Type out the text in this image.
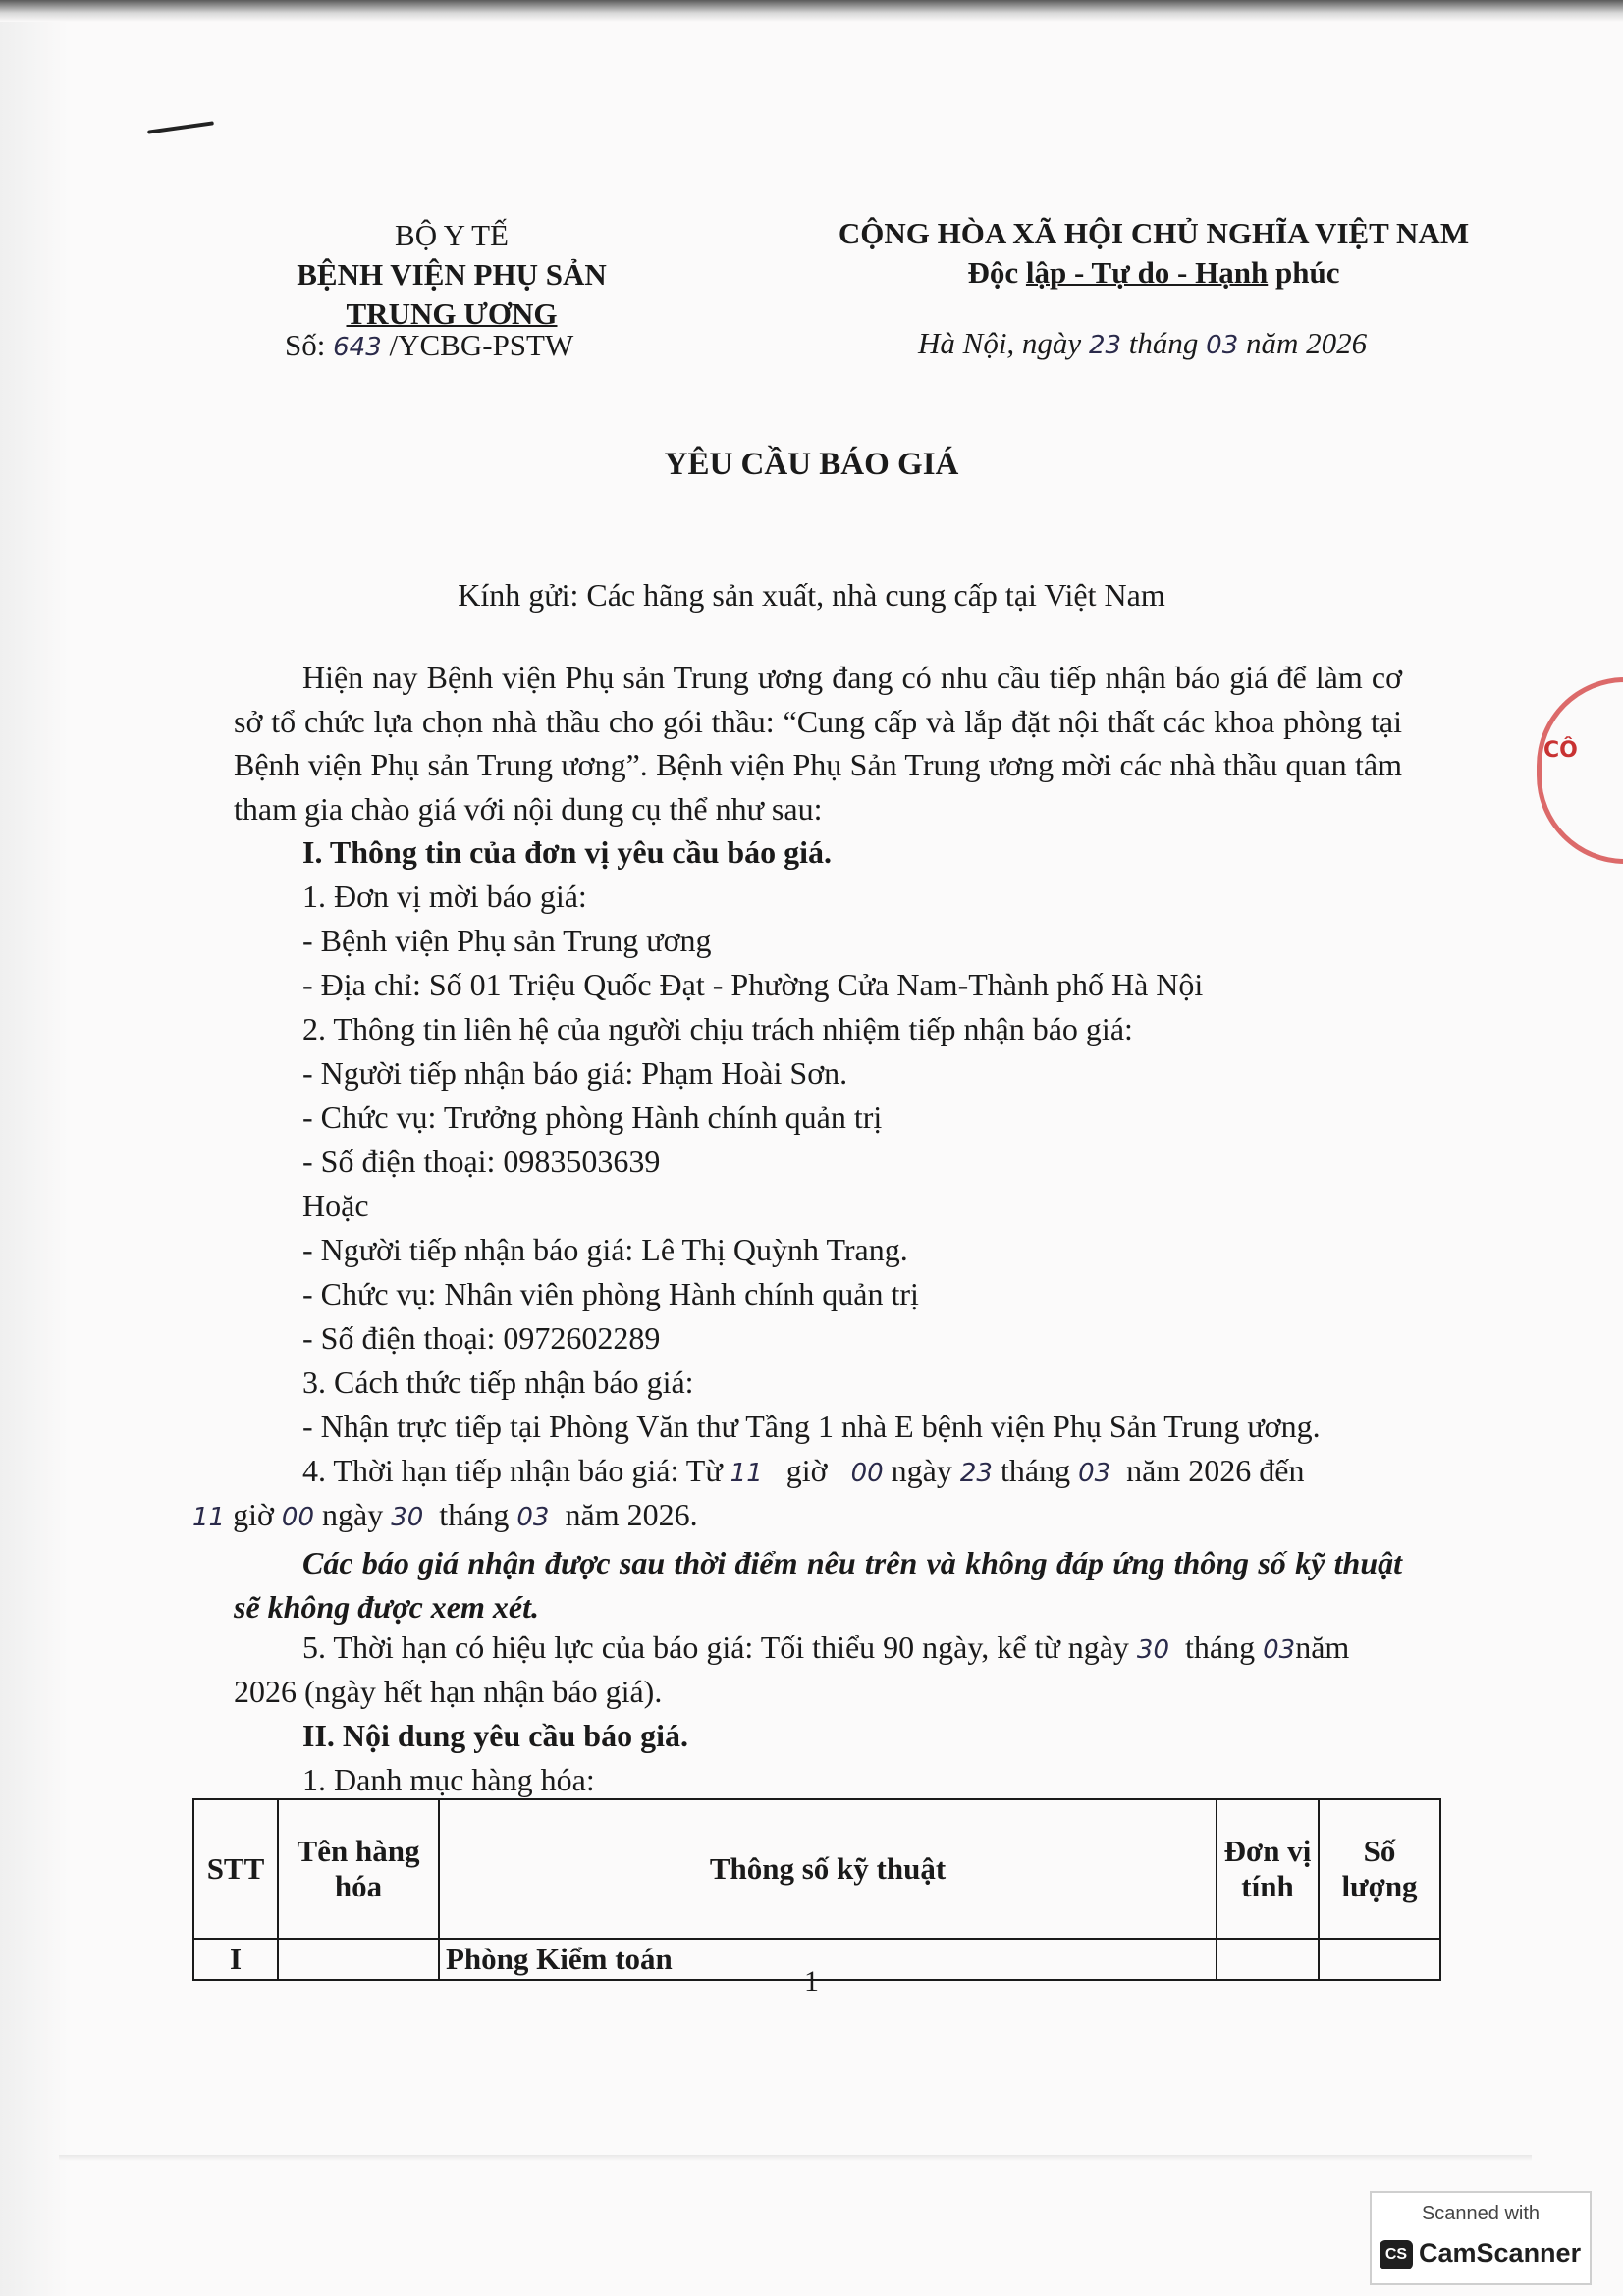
BỘ Y TẾ
BỆNH VIỆN PHỤ SẢN
TRUNG ƯƠNG
Số: 643 /YCBG-PSTW
CỘNG HÒA XÃ HỘI CHỦ NGHĨA VIỆT NAM
Độc lập - Tự do - Hạnh phúc
Hà Nội, ngày 23 tháng 03 năm 2026
YÊU CẦU BÁO GIÁ
Kính gửi: Các hãng sản xuất, nhà cung cấp tại Việt Nam
Hiện nay Bệnh viện Phụ sản Trung ương đang có nhu cầu tiếp nhận báo giá để làm cơ sở tổ chức lựa chọn nhà thầu cho gói thầu: “Cung cấp và lắp đặt nội thất các khoa phòng tại Bệnh viện Phụ sản Trung ương”. Bệnh viện Phụ Sản Trung ương mời các nhà thầu quan tâm tham gia chào giá với nội dung cụ thể như sau:
I. Thông tin của đơn vị yêu cầu báo giá.
1. Đơn vị mời báo giá:
- Bệnh viện Phụ sản Trung ương
- Địa chỉ: Số 01 Triệu Quốc Đạt - Phường Cửa Nam-Thành phố Hà Nội
2. Thông tin liên hệ của người chịu trách nhiệm tiếp nhận báo giá:
- Người tiếp nhận báo giá: Phạm Hoài Sơn.
- Chức vụ: Trưởng phòng Hành chính quản trị
- Số điện thoại: 0983503639
Hoặc
- Người tiếp nhận báo giá: Lê Thị Quỳnh Trang.
- Chức vụ: Nhân viên phòng Hành chính quản trị
- Số điện thoại: 0972602289
3. Cách thức tiếp nhận báo giá:
- Nhận trực tiếp tại Phòng Văn thư Tầng 1 nhà E bệnh viện Phụ Sản Trung ương.
4. Thời hạn tiếp nhận báo giá: Từ 11 giờ 00 ngày 23 tháng 03 năm 2026 đến
11 giờ 00 ngày 30 tháng 03 năm 2026.
Các báo giá nhận được sau thời điểm nêu trên và không đáp ứng thông số kỹ thuật sẽ không được xem xét.
5. Thời hạn có hiệu lực của báo giá: Tối thiểu 90 ngày, kể từ ngày 30 tháng 03năm
2026 (ngày hết hạn nhận báo giá).
II. Nội dung yêu cầu báo giá.
1. Danh mục hàng hóa:
STT	Tên hàng hóa	Thông số kỹ thuật	Đơn vị tính	Số lượng
I		Phòng Kiểm toán		
1
CÔ
Scanned with
CS CamScanner
